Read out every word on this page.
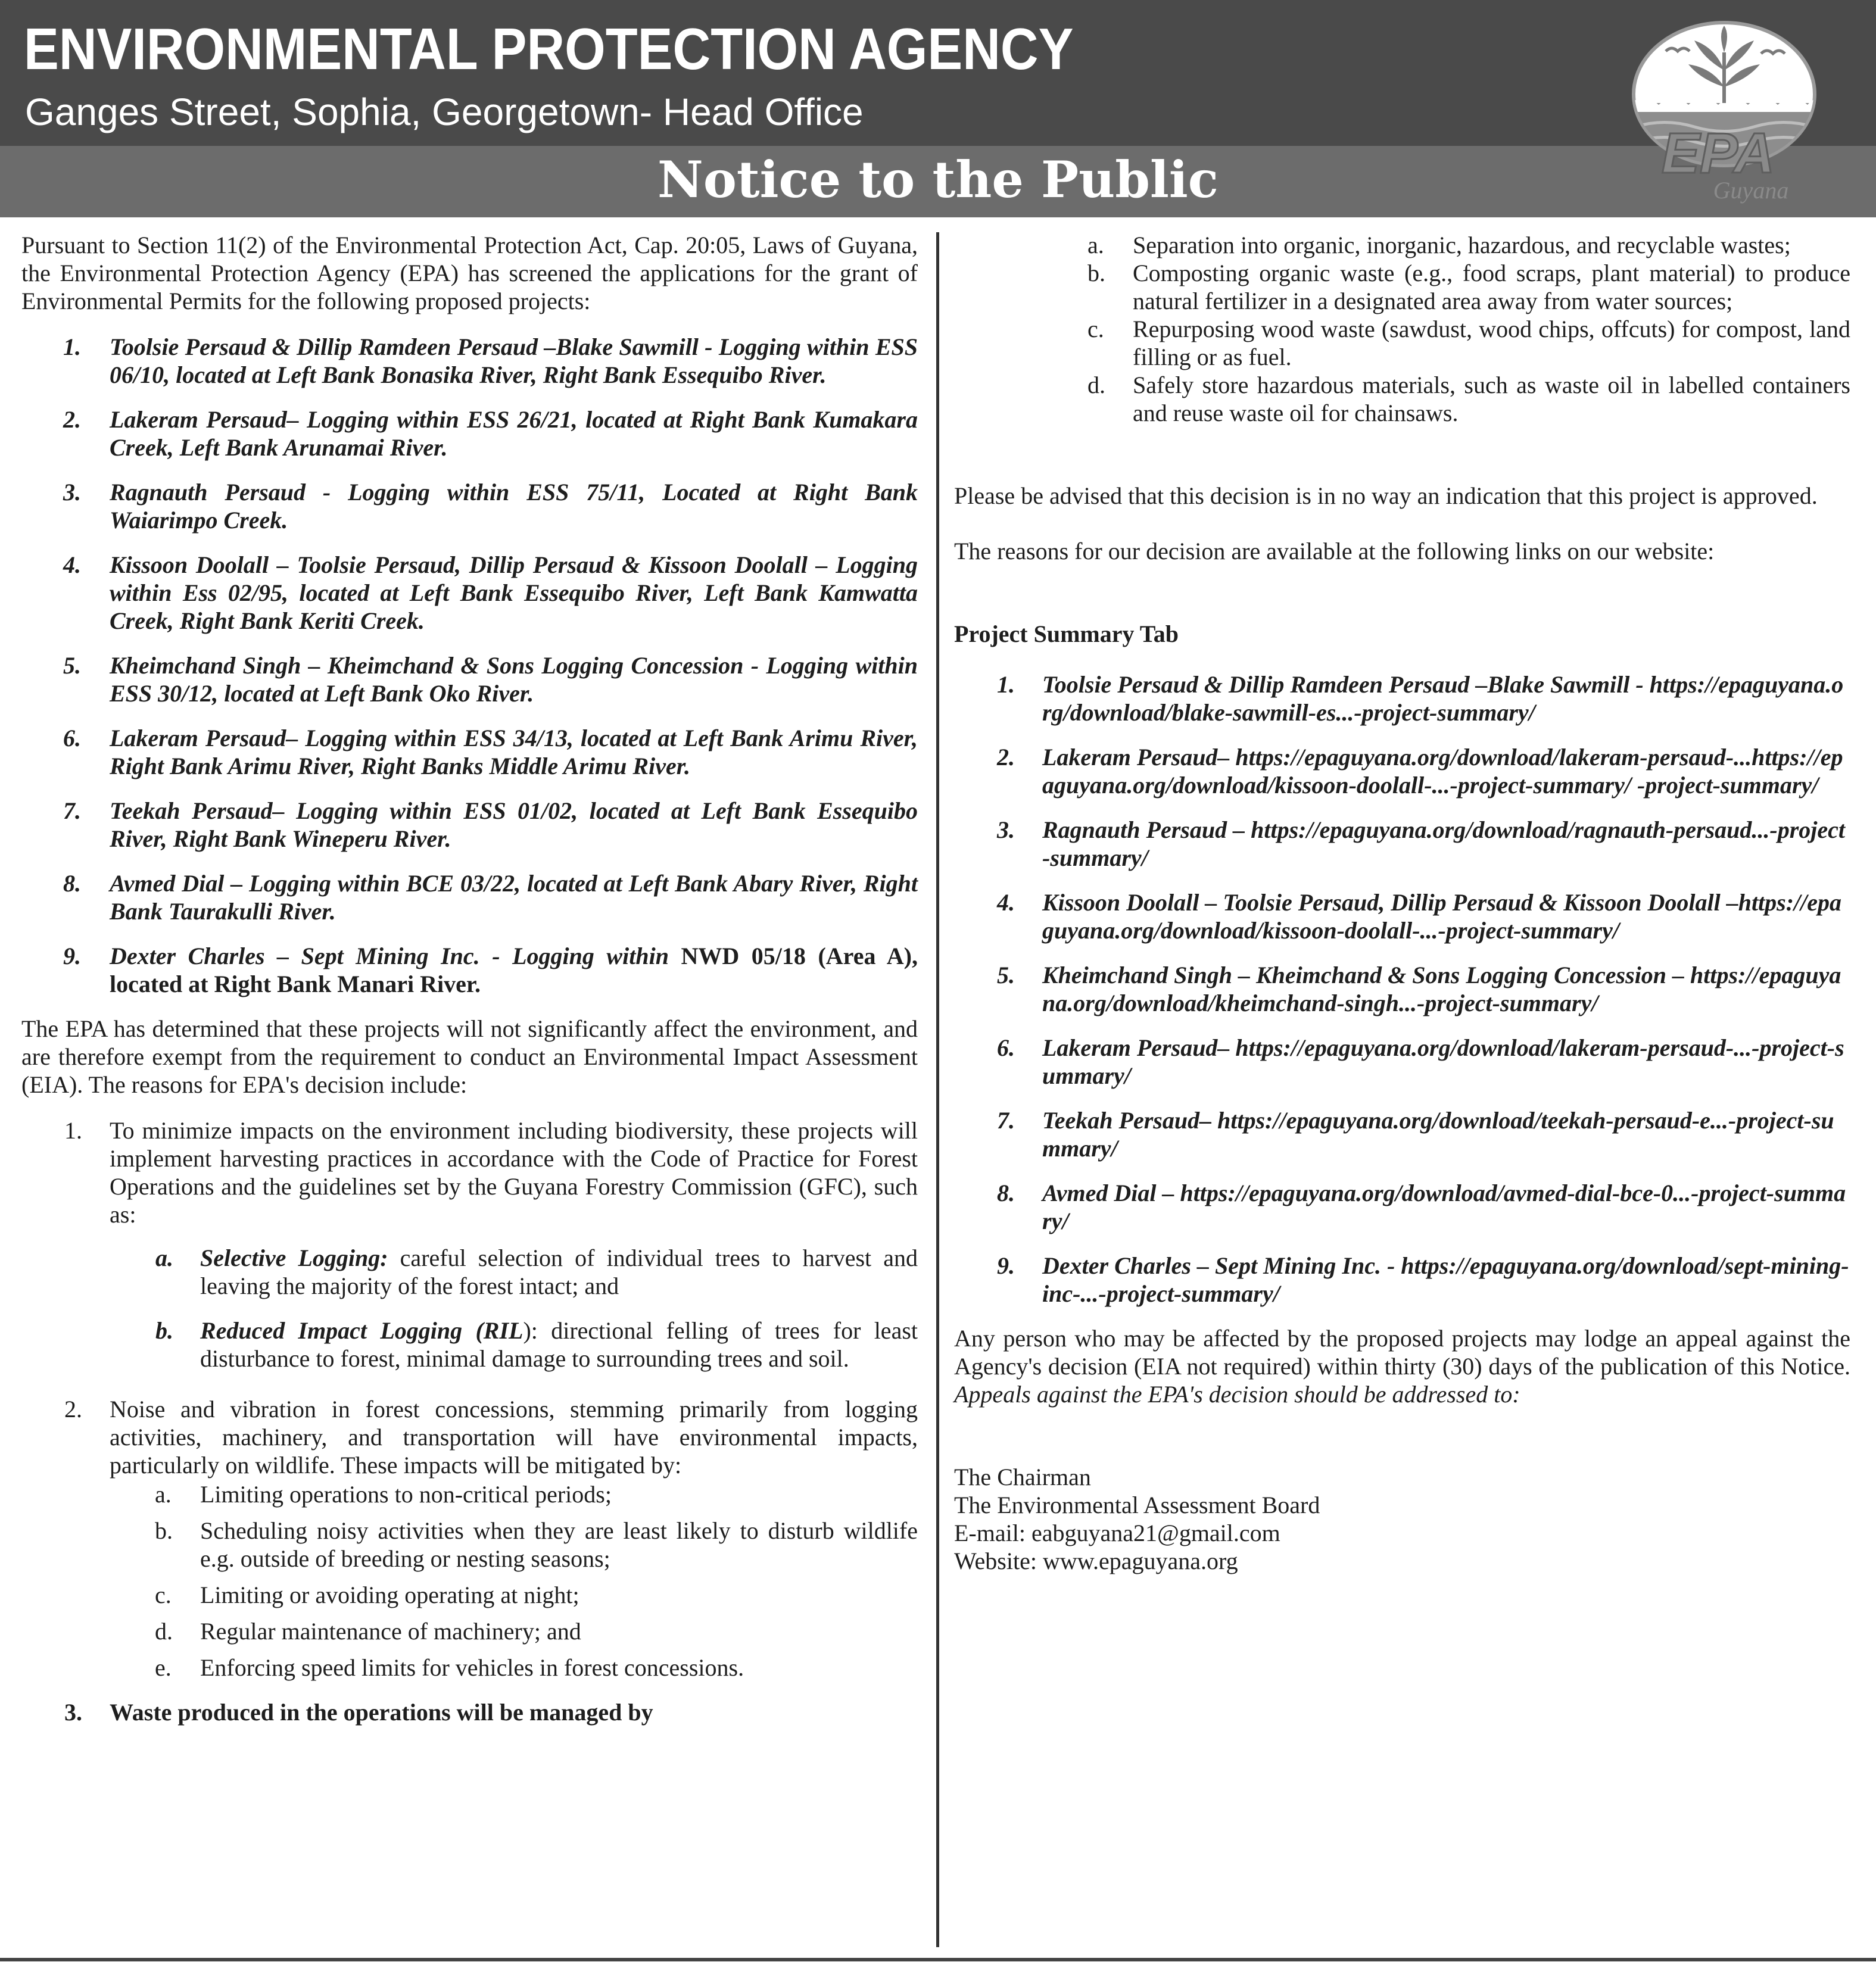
ENVIRONMENTAL PROTECTION AGENCY
Ganges Street, Sophia, Georgetown- Head Office
Notice to the Public	EPA
Guyana

Pursuant to Section 11(2) of the Environmental Protection Act, Cap. 20:05, Laws of Guyana, the Environmental Protection Agency (EPA) has screened the applications for the grant of Environmental Permits for the following proposed projects:

1. Toolsie Persaud & Dillip Ramdeen Persaud –Blake Sawmill - Logging within ESS 06/10, located at Left Bank Bonasika River, Right Bank Essequibo River.
2. Lakeram Persaud– Logging within ESS 26/21, located at Right Bank Kumakara Creek, Left Bank Arunamai River.
3. Ragnauth Persaud - Logging within ESS 75/11, Located at Right Bank Waiarimpo Creek.
4. Kissoon Doolall – Toolsie Persaud, Dillip Persaud & Kissoon Doolall – Logging within Ess 02/95, located at Left Bank Essequibo River, Left Bank Kamwatta Creek, Right Bank Keriti Creek.
5. Kheimchand Singh – Kheimchand & Sons Logging Concession - Logging within ESS 30/12, located at Left Bank Oko River.
6. Lakeram Persaud– Logging within ESS 34/13, located at Left Bank Arimu River, Right Bank Arimu River, Right Banks Middle Arimu River.
7. Teekah Persaud– Logging within ESS 01/02, located at Left Bank Essequibo River, Right Bank Wineperu River.
8. Avmed Dial – Logging within BCE 03/22, located at Left Bank Abary River, Right Bank Taurakulli River.
9. Dexter Charles – Sept Mining Inc. - Logging within NWD 05/18 (Area A), located at Right Bank Manari River.

The EPA has determined that these projects will not significantly affect the environment, and are therefore exempt from the requirement to conduct an Environmental Impact Assessment (EIA). The reasons for EPA's decision include:

1. To minimize impacts on the environment including biodiversity, these projects will implement harvesting practices in accordance with the Code of Practice for Forest Operations and the guidelines set by the Guyana Forestry Commission (GFC), such as:
a. Selective Logging: careful selection of individual trees to harvest and leaving the majority of the forest intact; and
b. Reduced Impact Logging (RIL): directional felling of trees for least disturbance to forest, minimal damage to surrounding trees and soil.
2. Noise and vibration in forest concessions, stemming primarily from logging activities, machinery, and transportation will have environmental impacts, particularly on wildlife. These impacts will be mitigated by:
a. Limiting operations to non-critical periods;
b. Scheduling noisy activities when they are least likely to disturb wildlife e.g. outside of breeding or nesting seasons;
c. Limiting or avoiding operating at night;
d. Regular maintenance of machinery; and
e. Enforcing speed limits for vehicles in forest concessions.
3. Waste produced in the operations will be managed by
a. Separation into organic, inorganic, hazardous, and recyclable wastes;
b. Composting organic waste (e.g., food scraps, plant material) to produce natural fertilizer in a designated area away from water sources;
c. Repurposing wood waste (sawdust, wood chips, offcuts) for compost, land filling or as fuel.
d. Safely store hazardous materials, such as waste oil in labelled containers and reuse waste oil for chainsaws.

Please be advised that this decision is in no way an indication that this project is approved.

The reasons for our decision are available at the following links on our website:

Project Summary Tab
1. Toolsie Persaud & Dillip Ramdeen Persaud –Blake Sawmill - https://epaguyana.org/download/blake-sawmill-es...-project-summary/
2. Lakeram Persaud– https://epaguyana.org/download/lakeram-persaud-...https://epaguyana.org/download/kissoon-doolall-...-project-summary/ -project-summary/
3. Ragnauth Persaud – https://epaguyana.org/download/ragnauth-persaud...-project-summary/
4. Kissoon Doolall – Toolsie Persaud, Dillip Persaud & Kissoon Doolall –https://epaguyana.org/download/kissoon-doolall-...-project-summary/
5. Kheimchand Singh – Kheimchand & Sons Logging Concession – https://epaguyana.org/download/kheimchand-singh...-project-summary/
6. Lakeram Persaud– https://epaguyana.org/download/lakeram-persaud-...-project-summary/
7. Teekah Persaud– https://epaguyana.org/download/teekah-persaud-e...-project-summary/
8. Avmed Dial – https://epaguyana.org/download/avmed-dial-bce-0...-project-summary/
9. Dexter Charles – Sept Mining Inc. - https://epaguyana.org/download/sept-mining-inc-...-project-summary/

Any person who may be affected by the proposed projects may lodge an appeal against the Agency's decision (EIA not required) within thirty (30) days of the publication of this Notice. Appeals against the EPA's decision should be addressed to:

The Chairman
The Environmental Assessment Board
E-mail: eabguyana21@gmail.com
Website: www.epaguyana.org
